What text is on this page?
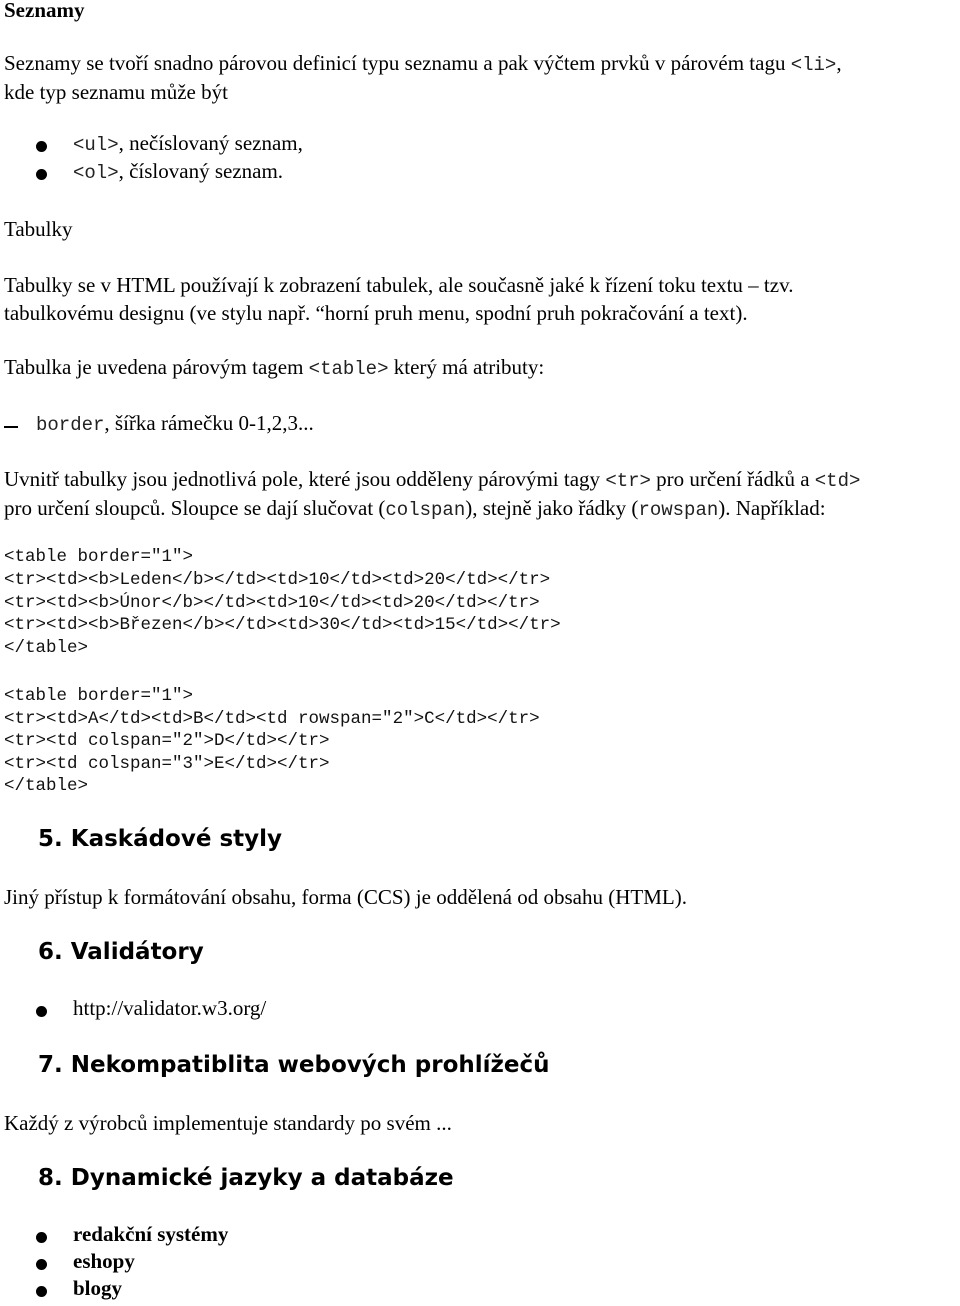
Seznamy
Seznamy se tvoří snadno párovou definicí typu seznamu a pak výčtem prvků v párovém tagu <li>,
kde typ seznamu může být
<ul>, nečíslovaný seznam,
<ol>, číslovaný seznam.
Tabulky
Tabulky se v HTML používají k zobrazení tabulek, ale současně jaké k řízení toku textu – tzv.
tabulkovému designu (ve stylu např. “horní pruh menu, spodní pruh pokračování a text).
Tabulka je uvedena párovým tagem <table> který má atributy:
border, šířka rámečku 0-1,2,3...
Uvnitř tabulky jsou jednotlivá pole, které jsou odděleny párovými tagy <tr> pro určení řádků a <td>
pro určení sloupců. Sloupce se dají slučovat (colspan), stejně jako řádky (rowspan). Například:
<table border="1">
<tr><td><b>Leden</b></td><td>10</td><td>20</td></tr>
<tr><td><b>Únor</b></td><td>10</td><td>20</td></tr>
<tr><td><b>Březen</b></td><td>30</td><td>15</td></tr>
</table>
<table border="1">
<tr><td>A</td><td>B</td><td rowspan="2">C</td></tr>
<tr><td colspan="2">D</td></tr>
<tr><td colspan="3">E</td></tr>
</table>
5. Kaskádové styly
Jiný přístup k formátování obsahu, forma (CCS) je oddělená od obsahu (HTML).
6. Validátory
http://validator.w3.org/
7. Nekompatiblita webových prohlížečů
Každý z výrobců implementuje standardy po svém ...
8. Dynamické jazyky a databáze
redakční systémy
eshopy
blogy
